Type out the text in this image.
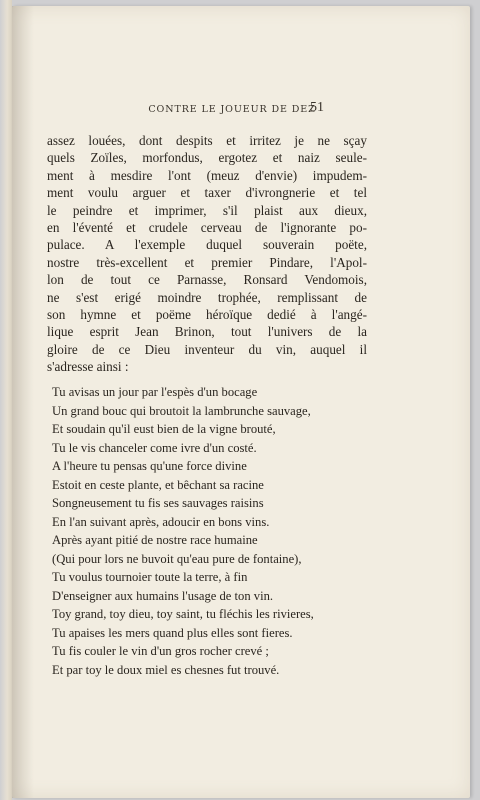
CONTRE LE JOUEUR DE DEZ
51
assez louées, dont despits et irritez je ne sçay
quels Zoïles, morfondus, ergotez et naiz seule-
ment à mesdire l'ont (meuz d'envie) impudem-
ment voulu arguer et taxer d'ivrongnerie et tel
le peindre et imprimer, s'il plaist aux dieux,
en l'éventé et crudele cerveau de l'ignorante po-
pulace. A l'exemple duquel souverain poëte,
nostre très-excellent et premier Pindare, l'Apol-
lon de tout ce Parnasse, Ronsard Vendomois,
ne s'est erigé moindre trophée, remplissant de
son hymne et poëme héroïque dedié à l'angé-
lique esprit Jean Brinon, tout l'univers de la
gloire de ce Dieu inventeur du vin, auquel il
s'adresse ainsi :
Tu avisas un jour par l'espès d'un bocage
Un grand bouc qui broutoit la lambrunche sauvage,
Et soudain qu'il eust bien de la vigne brouté,
Tu le vis chanceler come ivre d'un costé.
A l'heure tu pensas qu'une force divine
Estoit en ceste plante, et bêchant sa racine
Songneusement tu fis ses sauvages raisins
En l'an suivant après, adoucir en bons vins.
Après ayant pitié de nostre race humaine
(Qui pour lors ne buvoit qu'eau pure de fontaine),
Tu voulus tournoier toute la terre, à fin
D'enseigner aux humains l'usage de ton vin.
Toy grand, toy dieu, toy saint, tu fléchis les rivieres,
Tu apaises les mers quand plus elles sont fieres.
Tu fis couler le vin d'un gros rocher crevé ;
Et par toy le doux miel es chesnes fut trouvé.
